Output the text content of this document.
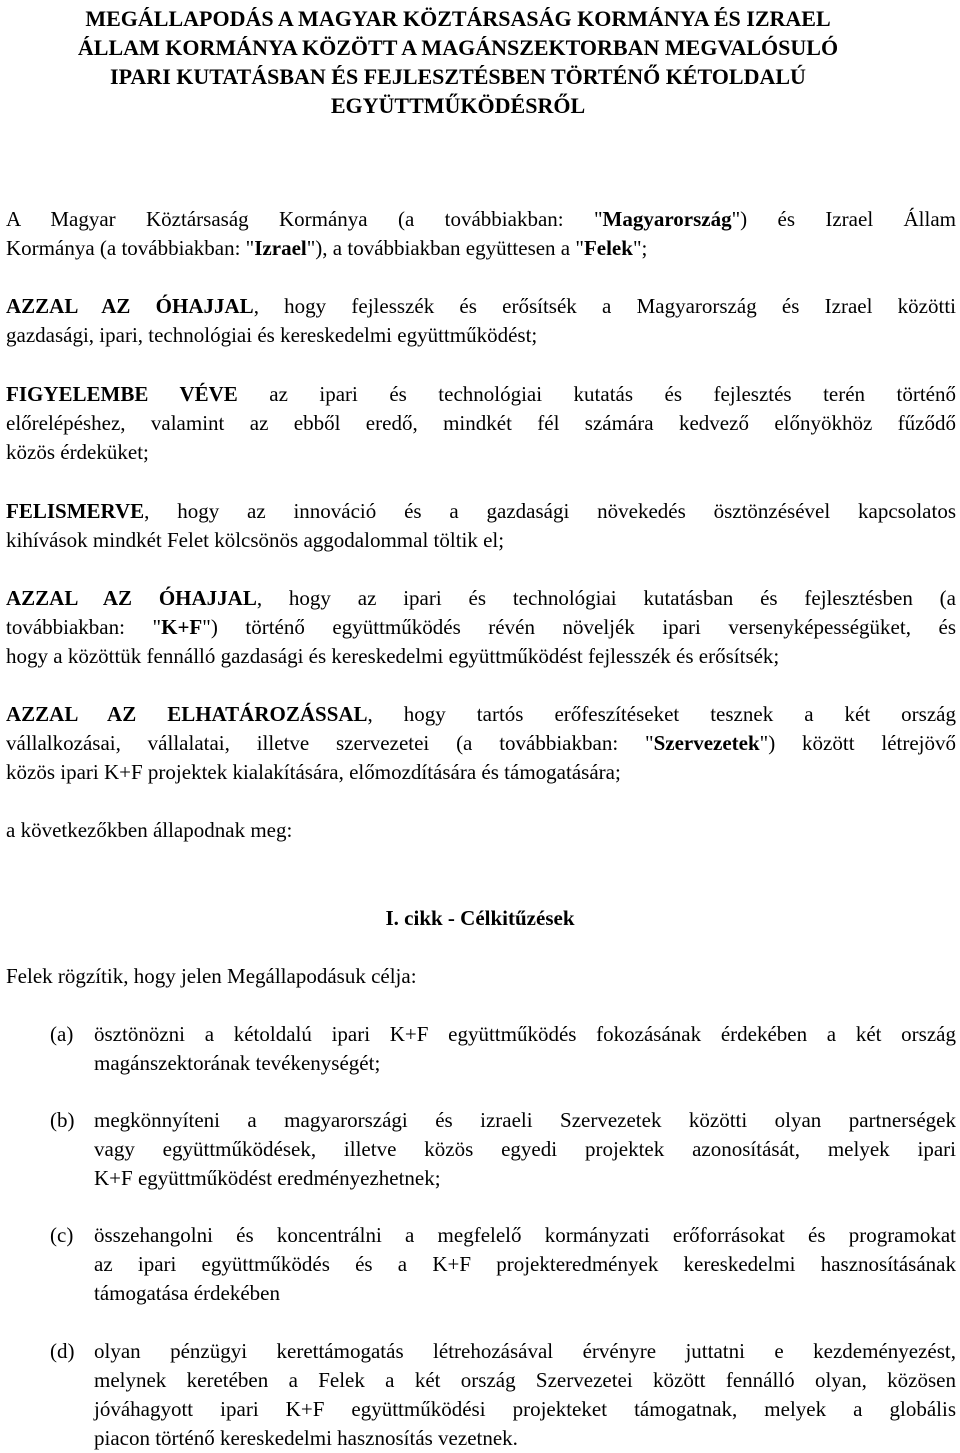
MEGÁLLAPODÁS A MAGYAR KÖZTÁRSASÁG KORMÁNYA ÉS IZRAEL
ÁLLAM KORMÁNYA KÖZÖTT A MAGÁNSZEKTORBAN MEGVALÓSULÓ
IPARI KUTATÁSBAN ÉS FEJLESZTÉSBEN TÖRTÉNŐ KÉTOLDALÚ
EGYÜTTMŰKÖDÉSRŐL
A Magyar Köztársaság Kormánya (a továbbiakban: "Magyarország") és Izrael Állam
Kormánya (a továbbiakban: "Izrael"), a továbbiakban együttesen a "Felek";
AZZAL AZ ÓHAJJAL, hogy fejlesszék és erősítsék a Magyarország és Izrael közötti
gazdasági, ipari, technológiai és kereskedelmi együttműködést;
FIGYELEMBE VÉVE az ipari és technológiai kutatás és fejlesztés terén történő
előrelépéshez, valamint az ebből eredő, mindkét fél számára kedvező előnyökhöz fűződő
közös érdeküket;
FELISMERVE, hogy az innováció és a gazdasági növekedés ösztönzésével kapcsolatos
kihívások mindkét Felet kölcsönös aggodalommal töltik el;
AZZAL AZ ÓHAJJAL, hogy az ipari és technológiai kutatásban és fejlesztésben (a
továbbiakban: "K+F") történő együttműködés révén növeljék ipari versenyképességüket, és
hogy a közöttük fennálló gazdasági és kereskedelmi együttműködést fejlesszék és erősítsék;
AZZAL AZ ELHATÁROZÁSSAL, hogy tartós erőfeszítéseket tesznek a két ország
vállalkozásai, vállalatai, illetve szervezetei (a továbbiakban: "Szervezetek") között létrejövő
közös ipari K+F projektek kialakítására, előmozdítására és támogatására;
a következőkben állapodnak meg:
I. cikk - Célkitűzések
Felek rögzítik, hogy jelen Megállapodásuk célja:
(a) ösztönözni a kétoldalú ipari K+F együttműködés fokozásának érdekében a két ország
magánszektorának tevékenységét;
(b) megkönnyíteni a magyarországi és izraeli Szervezetek közötti olyan partnerségek
vagy együttműködések, illetve közös egyedi projektek azonosítását, melyek ipari
K+F együttműködést eredményezhetnek;
(c) összehangolni és koncentrálni a megfelelő kormányzati erőforrásokat és programokat
az ipari együttműködés és a K+F projekteredmények kereskedelmi hasznosításának
támogatása érdekében
(d) olyan pénzügyi kerettámogatás létrehozásával érvényre juttatni e kezdeményezést,
melynek keretében a Felek a két ország Szervezetei között fennálló olyan, közösen
jóváhagyott ipari K+F együttműködési projekteket támogatnak, melyek a globális
piacon történő kereskedelmi hasznosítás vezetnek.
